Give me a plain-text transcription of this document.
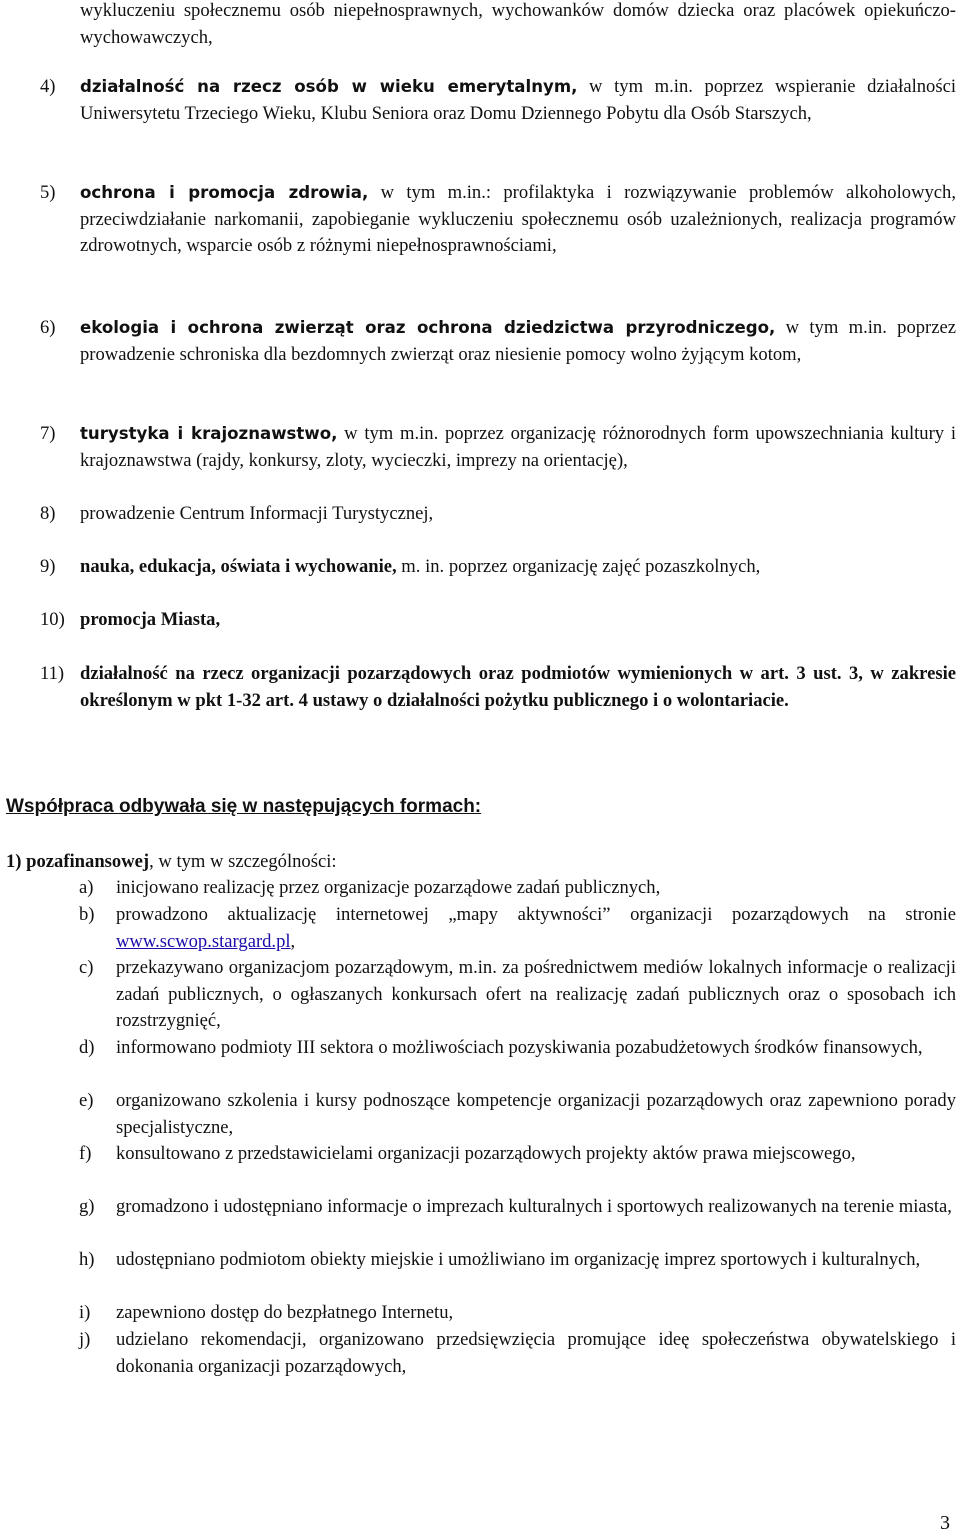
wykluczeniu społecznemu osób niepełnosprawnych, wychowanków domów dziecka oraz placówek opiekuńczo- wychowawczych,

4) działalność na rzecz osób w wieku emerytalnym, w tym m.in. poprzez wspieranie działalności Uniwersytetu Trzeciego Wieku, Klubu Seniora oraz Domu Dziennego Pobytu dla Osób Starszych,
5) ochrona i promocja zdrowia, w tym m.in.: profilaktyka i rozwiązywanie problemów alkoholowych, przeciwdziałanie narkomanii, zapobieganie wykluczeniu społecznemu osób uzależnionych, realizacja programów zdrowotnych, wsparcie osób z różnymi niepełnosprawnościami,
6) ekologia i ochrona zwierząt oraz ochrona dziedzictwa przyrodniczego, w tym m.in. poprzez prowadzenie schroniska dla bezdomnych zwierząt oraz niesienie pomocy wolno żyjącym kotom,
7) turystyka i krajoznawstwo, w tym m.in. poprzez organizację różnorodnych form upowszechniania kultury i krajoznawstwa (rajdy, konkursy, zloty, wycieczki, imprezy na orientację),
8) prowadzenie Centrum Informacji Turystycznej,
9) nauka, edukacja, oświata i wychowanie, m. in. poprzez organizację zajęć pozaszkolnych,
10) promocja Miasta,
11) działalność na rzecz organizacji pozarządowych oraz podmiotów wymienionych w art. 3 ust. 3, w zakresie określonym w pkt 1-32 art. 4 ustawy o działalności pożytku publicznego i o wolontariacie.

Współpraca odbywała się w następujących formach:

1) pozafinansowej, w tym w szczególności:

a) inicjowano realizację przez organizacje pozarządowe zadań publicznych,
b) prowadzono aktualizację internetowej „mapy aktywności” organizacji pozarządowych na stronie www.scwop.stargard.pl,
c) przekazywano organizacjom pozarządowym, m.in. za pośrednictwem mediów lokalnych informacje o realizacji zadań publicznych, o ogłaszanych konkursach ofert na realizację zadań publicznych oraz o sposobach ich rozstrzygnięć,
d) informowano podmioty III sektora o możliwościach pozyskiwania pozabudżetowych środków finansowych,
e) organizowano szkolenia i kursy podnoszące kompetencje organizacji pozarządowych oraz zapewniono porady specjalistyczne,
f) konsultowano z przedstawicielami organizacji pozarządowych projekty aktów prawa miejscowego,
g) gromadzono i udostępniano informacje o imprezach kulturalnych i sportowych realizowanych na terenie miasta,
h) udostępniano podmiotom obiekty miejskie i umożliwiano im organizację imprez sportowych i kulturalnych,
i) zapewniono dostęp do bezpłatnego Internetu,
j) udzielano rekomendacji, organizowano przedsięwzięcia promujące ideę społeczeństwa obywatelskiego i dokonania organizacji pozarządowych,

3
